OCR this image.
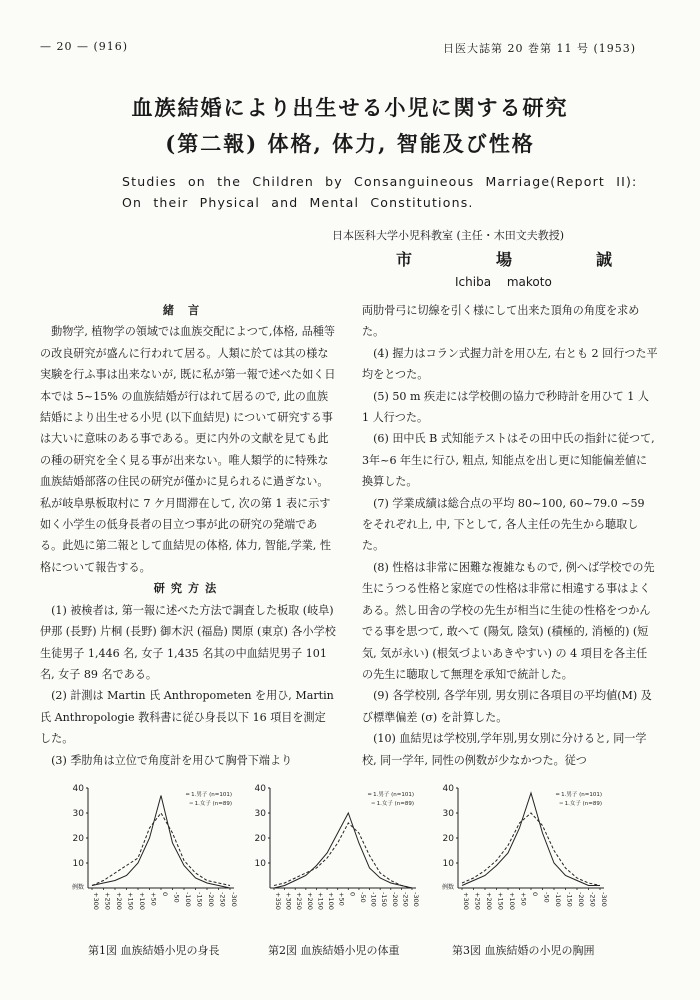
— 20 — (916)	日医大誌第 20 巻第 11 号 (1953)
血族結婚により出生せる小児に関する研究
(第二報) 体格, 体力, 智能及び性格
Studies on the Children by Consanguineous Marriage(Report II):
On their Physical and Mental Constitutions.
日本医科大学小児科教室 (主任・木田文夫教授)
市	場	誠
Ichiba makoto

緒言

動物学, 植物学の領域では血族交配によつて,体格, 品種等の改良研究が盛んに行われて居る。人類に於ては其の様な実験を行ふ事は出来ないが, 既に私が第一報で述べた如く日本では 5~15% の血族結婚が行はれて居るので, 此の血族結婚により出生せる小児 (以下血結児) について研究する事は大いに意味のある事である。更に内外の文献を見ても此の種の研究を全く見る事が出来ない。唯人類学的に特殊な血族結婚部落の住民の研究が僅かに見られるに過ぎない。私が岐阜県板取村に 7 ケ月間滞在して, 次の第 1 表に示す如く小学生の低身長者の目立つ事が此の研究の発端である。此処に第二報として血結児の体格, 体力, 智能,学業, 性格について報告する。

研究方法

(1) 被検者は, 第一報に述べた方法で調査した板取 (岐阜) 伊那 (長野) 片桐 (長野) 御木沢 (福島) 関原 (東京) 各小学校生徒男子 1,446 名, 女子 1,435 名其の中血結児男子 101 名, 女子 89 名である。

(2) 計測は Martin 氏 Anthropometen を用ひ, Martin 氏 Anthropologie 教科書に従ひ身長以下 16 項目を測定した。

(3) 季肋角は立位で角度計を用ひて胸骨下端より

両肋骨弓に切線を引く様にして出来た頂角の角度を求めた。

(4) 握力はコラン式握力計を用ひ左, 右とも 2 回行つた平均をとつた。

(5) 50 m 疾走には学校側の協力で秒時計を用ひて 1 人 1 人行つた。

(6) 田中氏 B 式知能テストはその田中氏の指針に従つて, 3年~6 年生に行ひ, 粗点, 知能点を出し更に知能偏差値に換算した。

(7) 学業成績は総合点の平均 80~100, 60~79.0 ~59 をそれぞれ上, 中, 下として, 各人主任の先生から聴取した。

(8) 性格は非常に困難な複雑なもので, 例へば学校での先生にうつる性格と家庭での性格は非常に相違する事はよくある。然し田舎の学校の先生が相当に生徒の性格をつかんでる事を思つて, 敢へて (陽気, 陰気) (積極的, 消極的) (短気, 気が永い) (根気づよいあきやすい) の 4 項目を各主任の先生に聴取して無理を承知で統計した。

(9) 各学校別, 各学年別, 男女別に各項目の平均値(M) 及び標準偏差 (σ) を計算した。

(10) 血結児は学校別,学年別,男女別に分けると, 同一学校, 同一学年, 同性の例数が少なかつた。従つ

40
30
20
10
例数
+300 +250 +200 +150 +100 +50 0 -50 -100 -150 -200 -250 -300
━ 1.男子 (n=101)
┅ 1.女子 (n=89)
40
30
20
10
+350 +300 +250 +200 +150 +100 +50 0 -50 -100 -150 -200 -250 -300
━ 1.男子 (n=101)
┅ 1.女子 (n=89)
40
30
20
10
例数
+300 +250 +200 +150 +100 +50 0 -50 -100 -150 -200 -250 -300
━ 1.男子 (n=101)
┅ 1.女子 (n=89)
第1図 血族結婚小児の身長	第2図 血族結婚小児の体重	第3図 血族結婚の小児の胸囲
